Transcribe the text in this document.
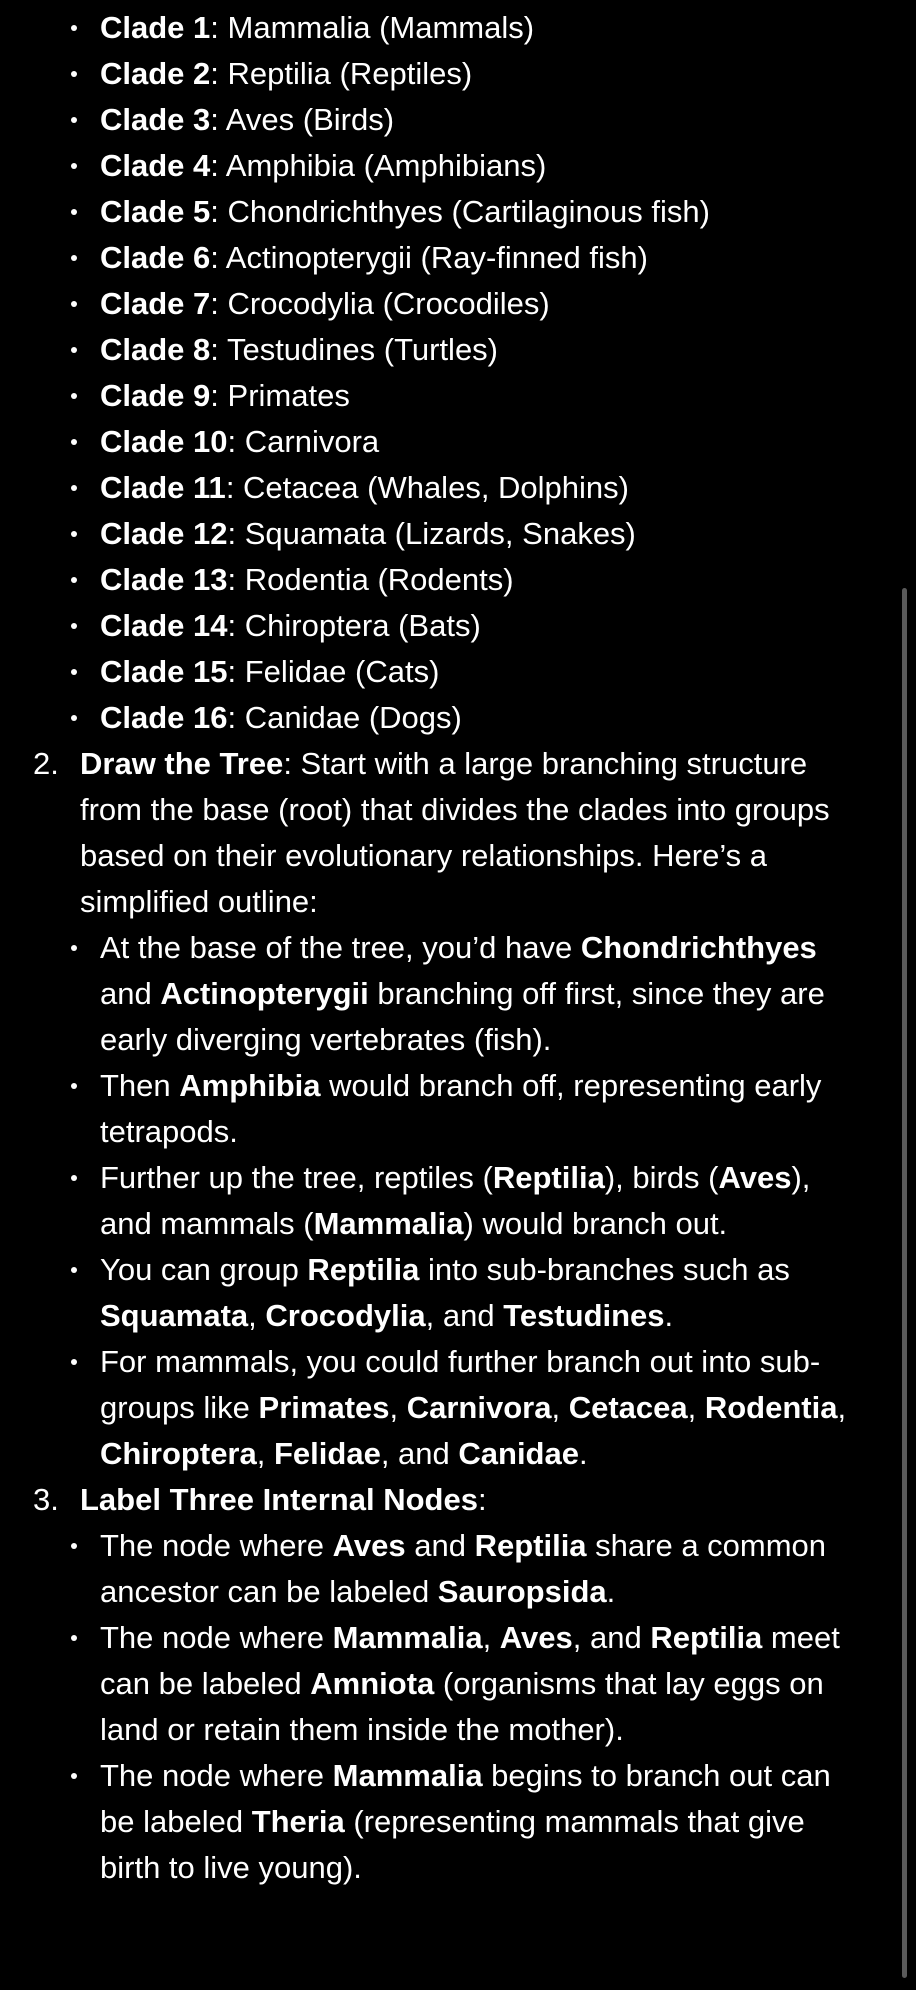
Clade 1: Mammalia (Mammals)
Clade 2: Reptilia (Reptiles)
Clade 3: Aves (Birds)
Clade 4: Amphibia (Amphibians)
Clade 5: Chondrichthyes (Cartilaginous fish)
Clade 6: Actinopterygii (Ray-finned fish)
Clade 7: Crocodylia (Crocodiles)
Clade 8: Testudines (Turtles)
Clade 9: Primates
Clade 10: Carnivora
Clade 11: Cetacea (Whales, Dolphins)
Clade 12: Squamata (Lizards, Snakes)
Clade 13: Rodentia (Rodents)
Clade 14: Chiroptera (Bats)
Clade 15: Felidae (Cats)
Clade 16: Canidae (Dogs)
2. Draw the Tree: Start with a large branching structure from the base (root) that divides the clades into groups based on their evolutionary relationships. Here’s a simplified outline:
At the base of the tree, you’d have Chondrichthyes and Actinopterygii branching off first, since they are early diverging vertebrates (fish).
Then Amphibia would branch off, representing early tetrapods.
Further up the tree, reptiles (Reptilia), birds (Aves), and mammals (Mammalia) would branch out.
You can group Reptilia into sub-branches such as Squamata, Crocodylia, and Testudines.
For mammals, you could further branch out into sub-groups like Primates, Carnivora, Cetacea, Rodentia, Chiroptera, Felidae, and Canidae.
3. Label Three Internal Nodes:
The node where Aves and Reptilia share a common ancestor can be labeled Sauropsida.
The node where Mammalia, Aves, and Reptilia meet can be labeled Amniota (organisms that lay eggs on land or retain them inside the mother).
The node where Mammalia begins to branch out can be labeled Theria (representing mammals that give birth to live young).
